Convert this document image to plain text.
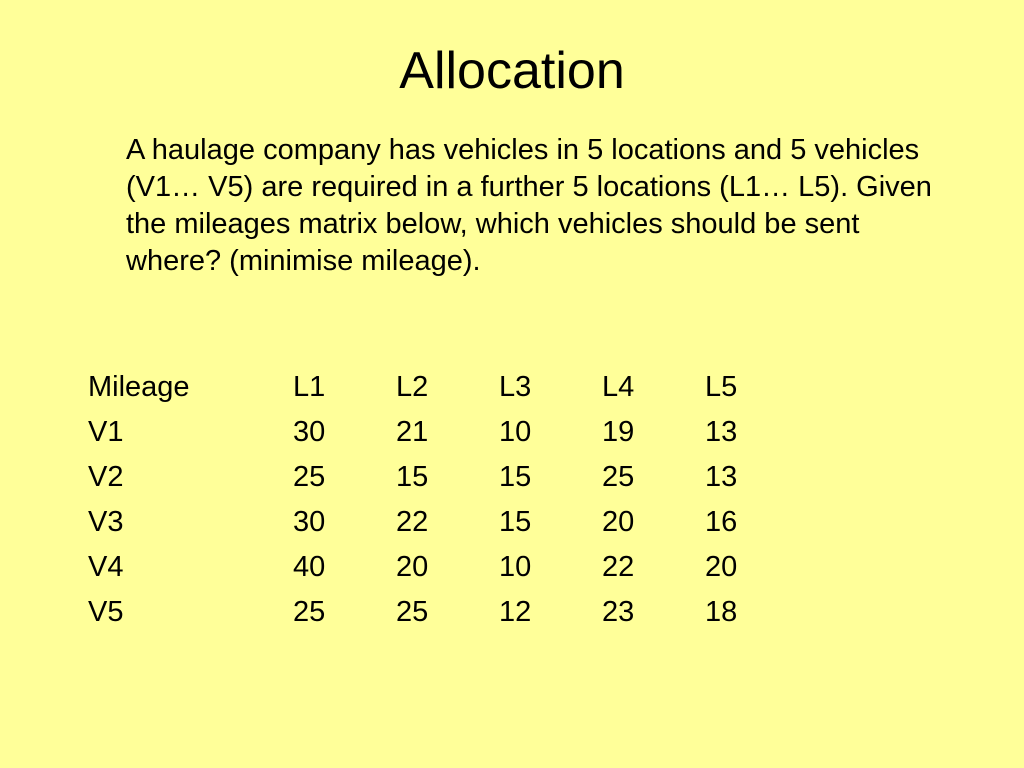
Allocation

A haulage company has vehicles in 5 locations and 5 vehicles (V1… V5) are required in a further 5 locations (L1… L5). Given the mileages matrix below, which vehicles should be sent where? (minimise mileage).

Mileage	L1	L2	L3	L4	L5
V1	30	21	10	19	13
V2	25	15	15	25	13
V3	30	22	15	20	16
V4	40	20	10	22	20
V5	25	25	12	23	18
